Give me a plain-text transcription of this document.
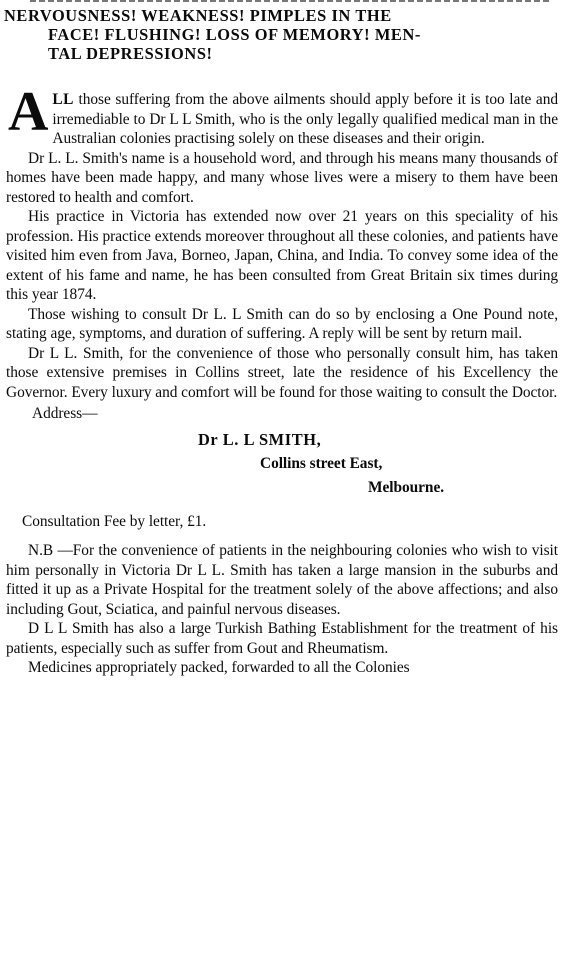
NERVOUSNESS! WEAKNESS! PIMPLES IN THE
FACE! FLUSHING! LOSS OF MEMORY! MEN-
TAL DEPRESSIONS!

ALL those suffering from the above ailments should apply before it is too late and irremediable to Dr L L Smith, who is the only legally qualified medical man in the Australian colonies practising solely on these diseases and their origin.

Dr L. L. Smith's name is a household word, and through his means many thousands of homes have been made happy, and many whose lives were a misery to them have been restored to health and comfort.

His practice in Victoria has extended now over 21 years on this speciality of his profession. His practice extends moreover throughout all these colonies, and patients have visited him even from Java, Borneo, Japan, China, and India. To convey some idea of the extent of his fame and name, he has been consulted from Great Britain six times during this year 1874.

Those wishing to consult Dr L. L Smith can do so by enclosing a One Pound note, stating age, symptoms, and duration of suffering. A reply will be sent by return mail.

Dr L L. Smith, for the convenience of those who personally consult him, has taken those extensive premises in Collins street, late the residence of his Excellency the Governor. Every luxury and comfort will be found for those waiting to consult the Doctor.

Address—
Dr L. L SMITH,
Collins street East,
Melbourne.
Consultation Fee by letter, £1.

N.B —For the convenience of patients in the neighbouring colonies who wish to visit him personally in Victoria Dr L L. Smith has taken a large mansion in the suburbs and fitted it up as a Private Hospital for the treatment solely of the above affections; and also including Gout, Sciatica, and painful nervous diseases.

D L L Smith has also a large Turkish Bathing Establishment for the treatment of his patients, especially such as suffer from Gout and Rheumatism.

Medicines appropriately packed, forwarded to all the Colonies
